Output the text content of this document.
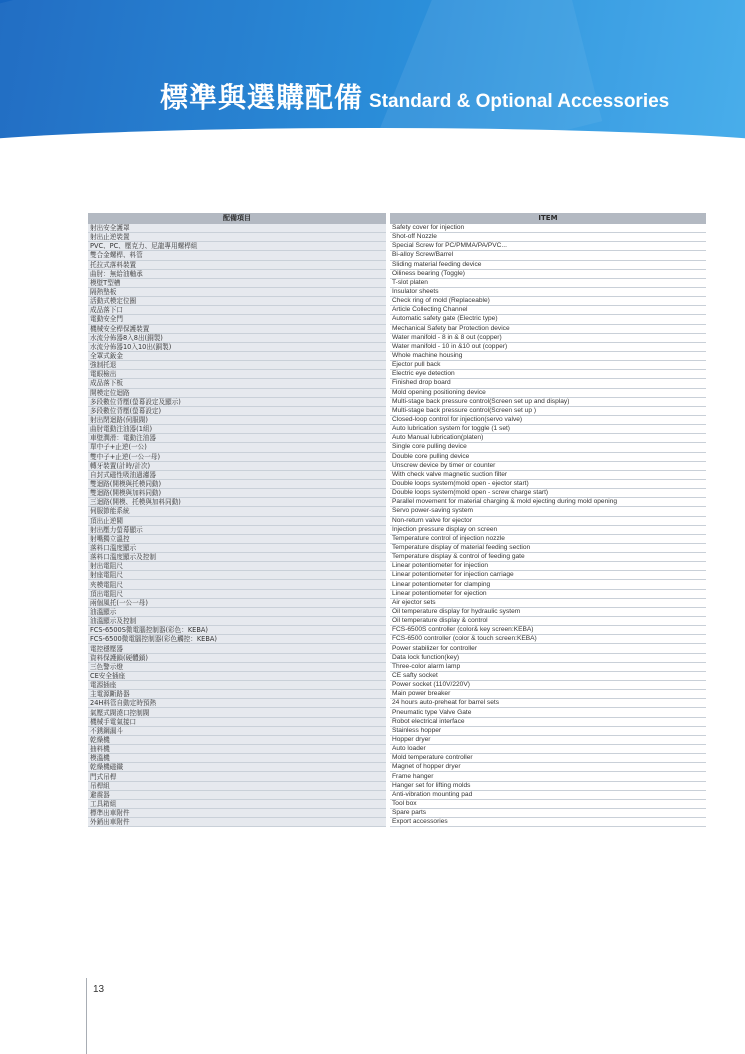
標準與選購配備 Standard & Optional Accessories
配備項目		ITEM
射出安全護罩		Safety cover for injection
射出止逆裝置		Shot-off Nozzle
PVC、PC、壓克力、尼龍專用螺桿組		Special Screw for PC/PMMA/PA/PVC...
雙合金螺桿、料管		Bi-alloy Screw/Barrel
托拉式落料裝置		Sliding material feeding device
曲肘：無給油軸承		Oiliness bearing (Toggle)
模壁T型槽		T-slot platen
隔熱墊板		Insulator sheets
活動式模定位圈		Check ring of mold (Replaceable)
成品落下口		Article Collecting Channel
電動安全門		Automatic safety gate (Electric type)
機械安全桿保護裝置		Mechanical Safety bar Protection device
水流分佈器8入8出(銅製)		Water manifold - 8 in & 8 out (copper)
水流分佈器10入10出(銅製)		Water manifold - 10 in &10 out (copper)
全罩式鈑金		Whole machine housing
強制托退		Ejector pull back
電眼檢出		Electric eye detection
成品落下板		Finished drop board
開模定位迴路		Mold opening positioning device
多段數位背壓(螢幕設定及顯示)		Multi-stage back pressure control(Screen set up and display)
多段數位背壓(螢幕設定)		Multi-stage back pressure control(Screen set up )
射出閉迴路(伺服閥)		Closed-loop control for injection(servo valve)
曲肘電動注油器(1組)		Auto lubrication system for toggle (1 set)
車壁潤滑：電動注油器		Auto Manual lubrication(platen)
單中子+止逆(一公)		Single core pulling device
雙中子+止逆(一公一母)		Double core pulling device
轉牙裝置(計時/計次)		Unscrew device by timer or counter
自封式磁性吸油過濾器		With check valve magnetic suction filter
雙迴路(開模與托模同動)		Double loops system(mold open - ejector start)
雙迴路(開模與加料同動)		Double loops system(mold open - screw charge start)
三迴路(開模、托模與加料同動)		Parallel movement for material charging & mold ejecting during mold opening
伺服節能系統		Servo power-saving system
頂出止逆閥		Non-return valve for ejector
射出壓力螢幕顯示		Injection pressure display on screen
射嘴獨立溫控		Temperature control of injection nozzle
落料口溫度顯示		Temperature display of material feeding section
落料口溫度顯示及控制		Temperature display & control of feeding gate
射出電阻尺		Linear potentiometer for injection
射座電阻尺		Linear potentiometer for injection carriage
夾模電阻尺		Linear potentiometer for clamping
頂出電阻尺		Linear potentiometer for ejection
兩個風托(一公一母)		Air ejector sets
油溫顯示		Oil temperature display for hydraulic system
油溫顯示及控制		Oil temperature display & control
FCS-6500S微電腦控制器(彩色：KEBA)		FCS-6500S controller (color& key screen:KEBA)
FCS-6500微電腦控制器(彩色觸控：KEBA)		FCS-6500 controller (color & touch screen:KEBA)
電控穩壓器		Power stabilizer for controller
資料保護鎖(硬體鎖)		Data lock function(key)
三色警示燈		Three-color alarm lamp
CE安全插座		CE safty socket
電源插座		Power socket (110V/220V)
主電源斷路器		Main power breaker
24H料管自動定時預熱		24 hours auto-preheat for barrel sets
氣壓式閥澆口控制閥		Pneumatic type Valve Gate
機械手電氣接口		Robot electrical interface
不銹鋼漏斗		Stainless hopper
乾燥機		Hopper dryer
抽料機		Auto loader
模溫機		Mold temperature controller
乾燥機磁鐵		Magnet of hopper dryer
門式吊桿		Frame hanger
吊桿組		Hanger set for lifting molds
避震器		Anti-vibration mounting pad
工具箱組		Tool box
標準出車附件		Spare parts
外銷出車附件		Export accessories
13
